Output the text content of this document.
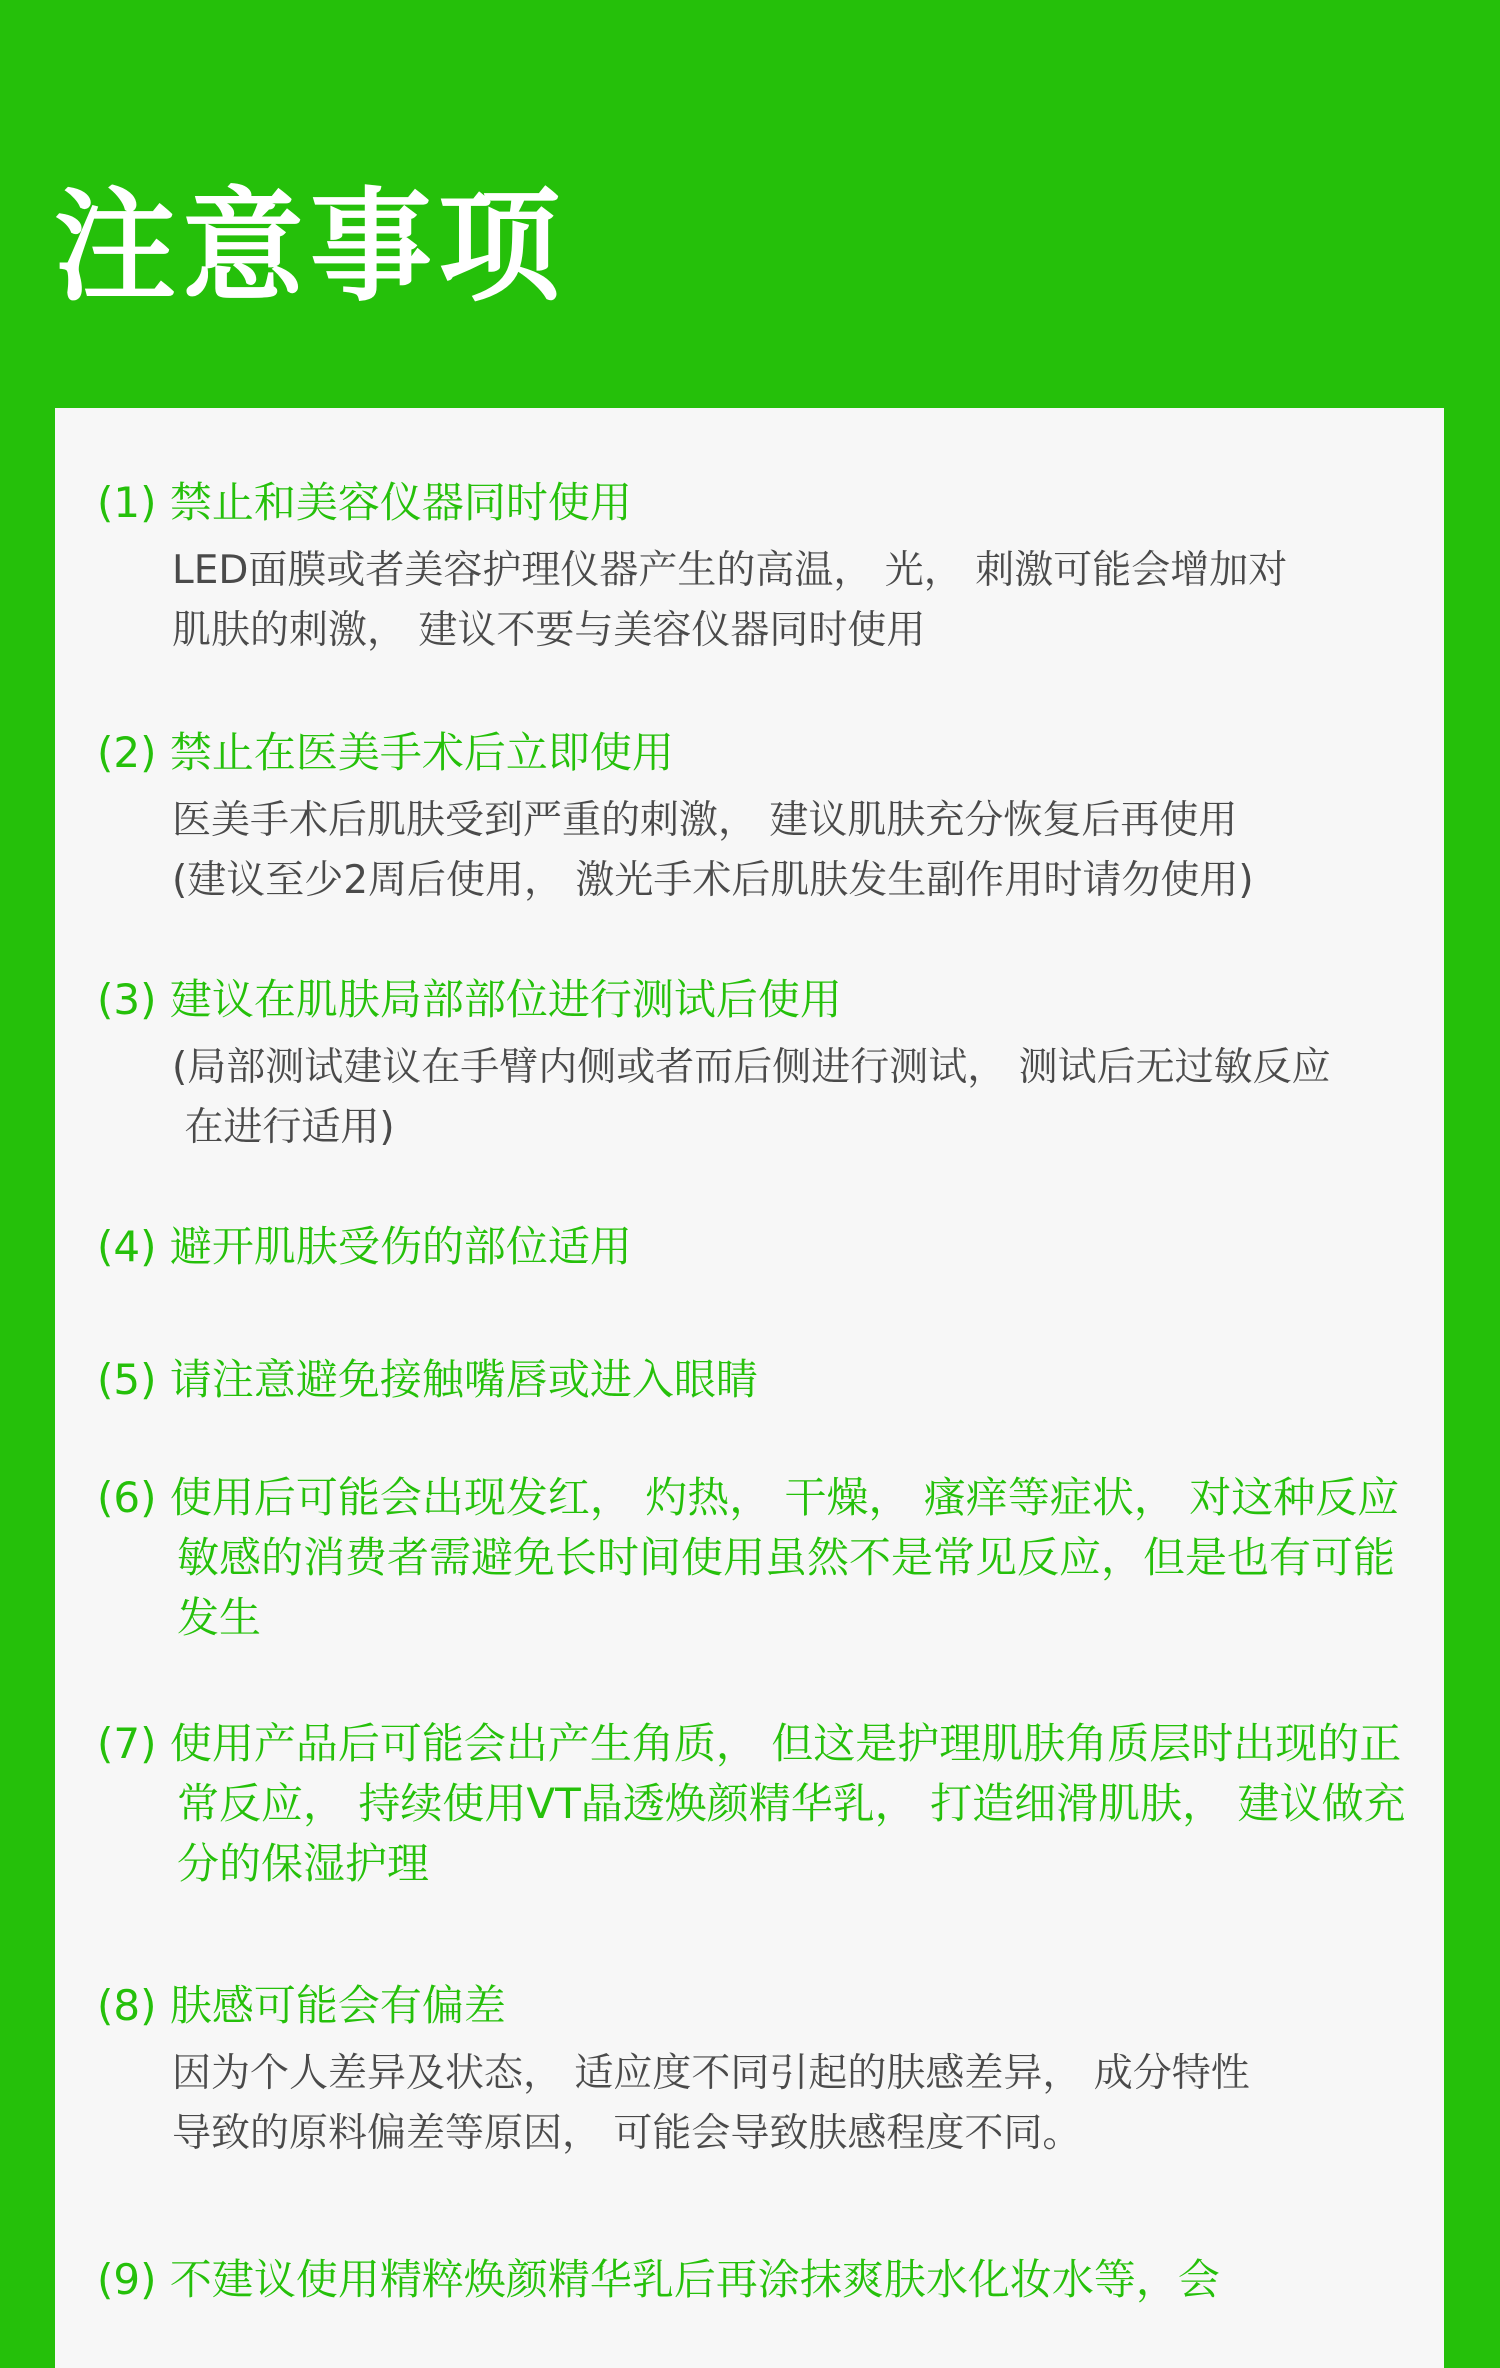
注意事项

(1) 禁止和美容仪器同时使用

LED面膜或者美容护理仪器产生的高温， 光， 刺激可能会增加对
肌肤的刺激， 建议不要与美容仪器同时使用

(2) 禁止在医美手术后立即使用

医美手术后肌肤受到严重的刺激， 建议肌肤充分恢复后再使用
(建议至少2周后使用， 激光手术后肌肤发生副作用时请勿使用)

(3) 建议在肌肤局部部位进行测试后使用

(局部测试建议在手臂内侧或者而后侧进行测试， 测试后无过敏反应
在进行适用)

(4) 避开肌肤受伤的部位适用

(5) 请注意避免接触嘴唇或进入眼睛

(6) 使用后可能会出现发红， 灼热， 干燥， 瘙痒等症状， 对这种反应敏感的消费者需避免长时间使用虽然不是常见反应，但是也有可能发生

(7) 使用产品后可能会出产生角质， 但这是护理肌肤角质层时出现的正常反应， 持续使用VT晶透焕颜精华乳， 打造细滑肌肤， 建议做充分的保湿护理

(8) 肤感可能会有偏差

因为个人差异及状态， 适应度不同引起的肤感差异， 成分特性
导致的原料偏差等原因， 可能会导致肤感程度不同。

(9) 不建议使用精粹焕颜精华乳后再涂抹爽肤水化妆水等，会
